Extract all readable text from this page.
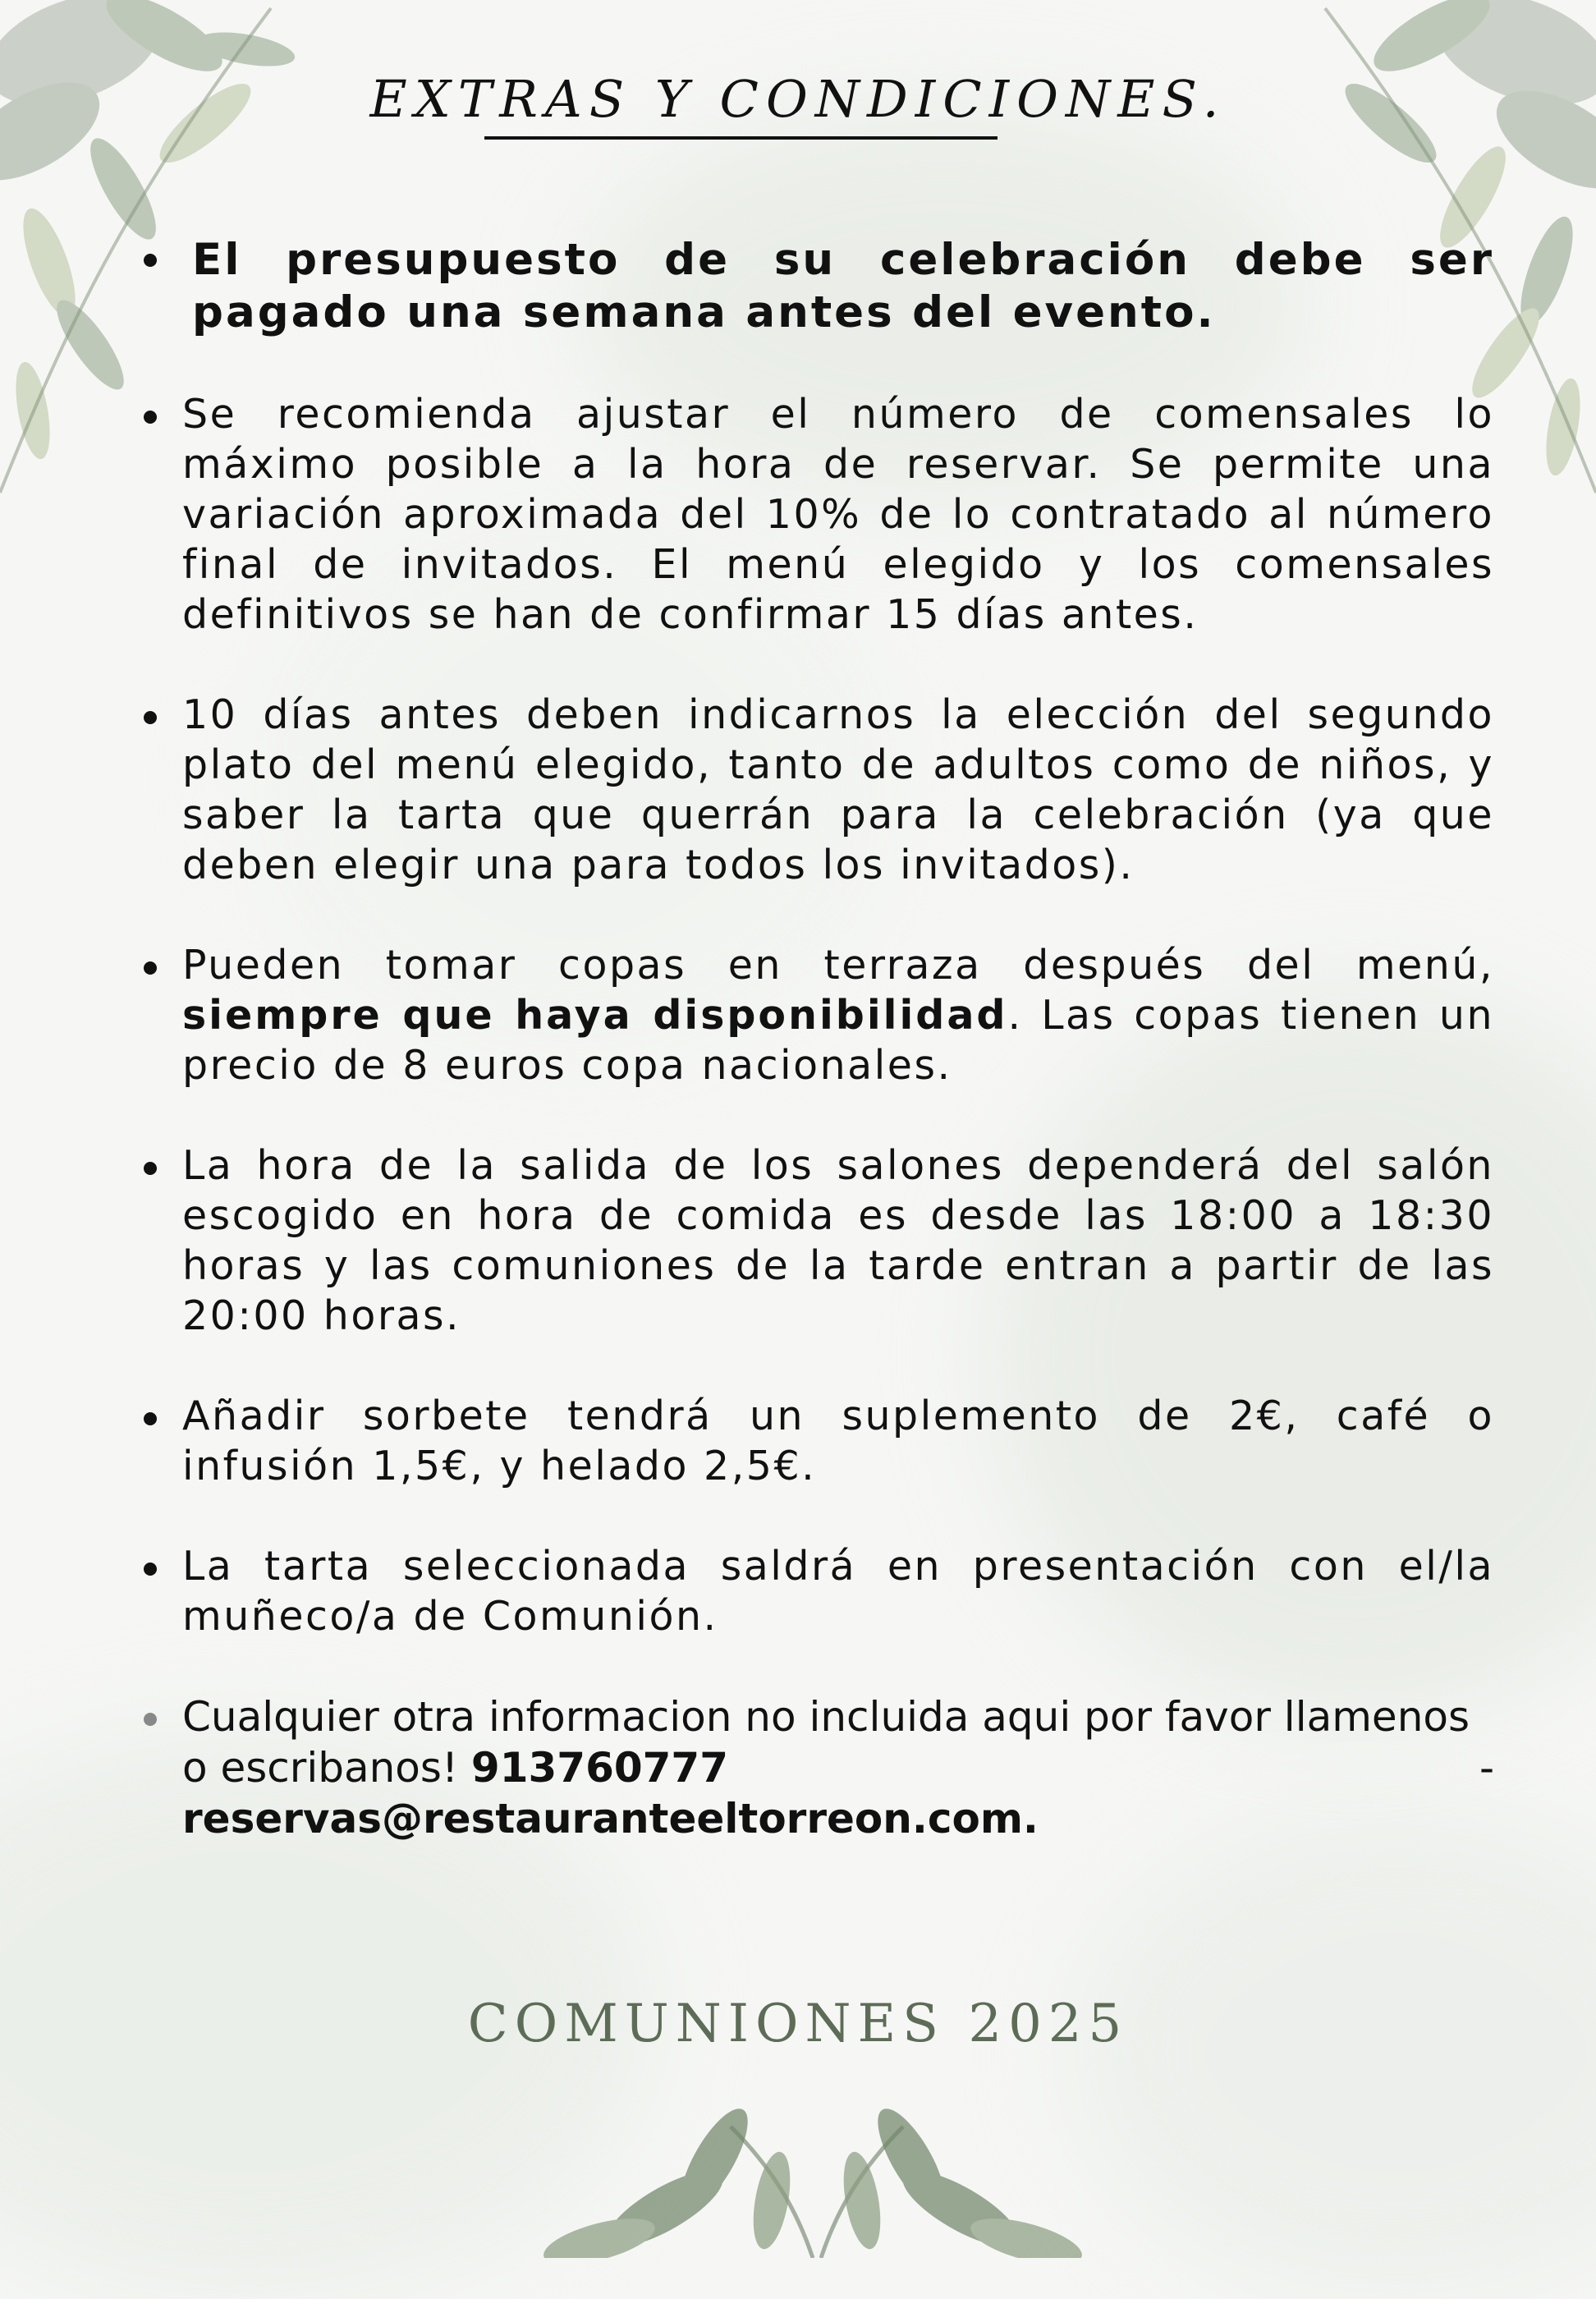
EXTRAS Y CONDICIONES.
El presupuesto de su celebración debe ser pagado una semana antes del evento.
Se recomienda ajustar el número de comensales lo máximo posible a la hora de reservar. Se permite una variación aproximada del 10% de lo contratado al número final de invitados. El menú elegido y los comensales definitivos se han de confirmar 15 días antes.
10 días antes deben indicarnos la elección del segundo plato del menú elegido, tanto de adultos como de niños, y saber la tarta que querrán para la celebración (ya que deben elegir una para todos los invitados).
Pueden tomar copas en terraza después del menú, siempre que haya disponibilidad. Las copas tienen un precio de 8 euros copa nacionales.
La hora de la salida de los salones dependerá del salón escogido en hora de comida es desde las 18:00 a 18:30 horas y las comuniones de la tarde entran a partir de las 20:00 horas.
Añadir sorbete tendrá un suplemento de 2€, café o infusión 1,5€, y helado 2,5€.
La tarta seleccionada saldrá en presentación con el/la muñeco/a de Comunión.
Cualquier otra informacion no incluida aqui por favor llamenos o escribanos! 913760777	-

reservas@restauranteeltorreon.com.
COMUNIONES 2025
